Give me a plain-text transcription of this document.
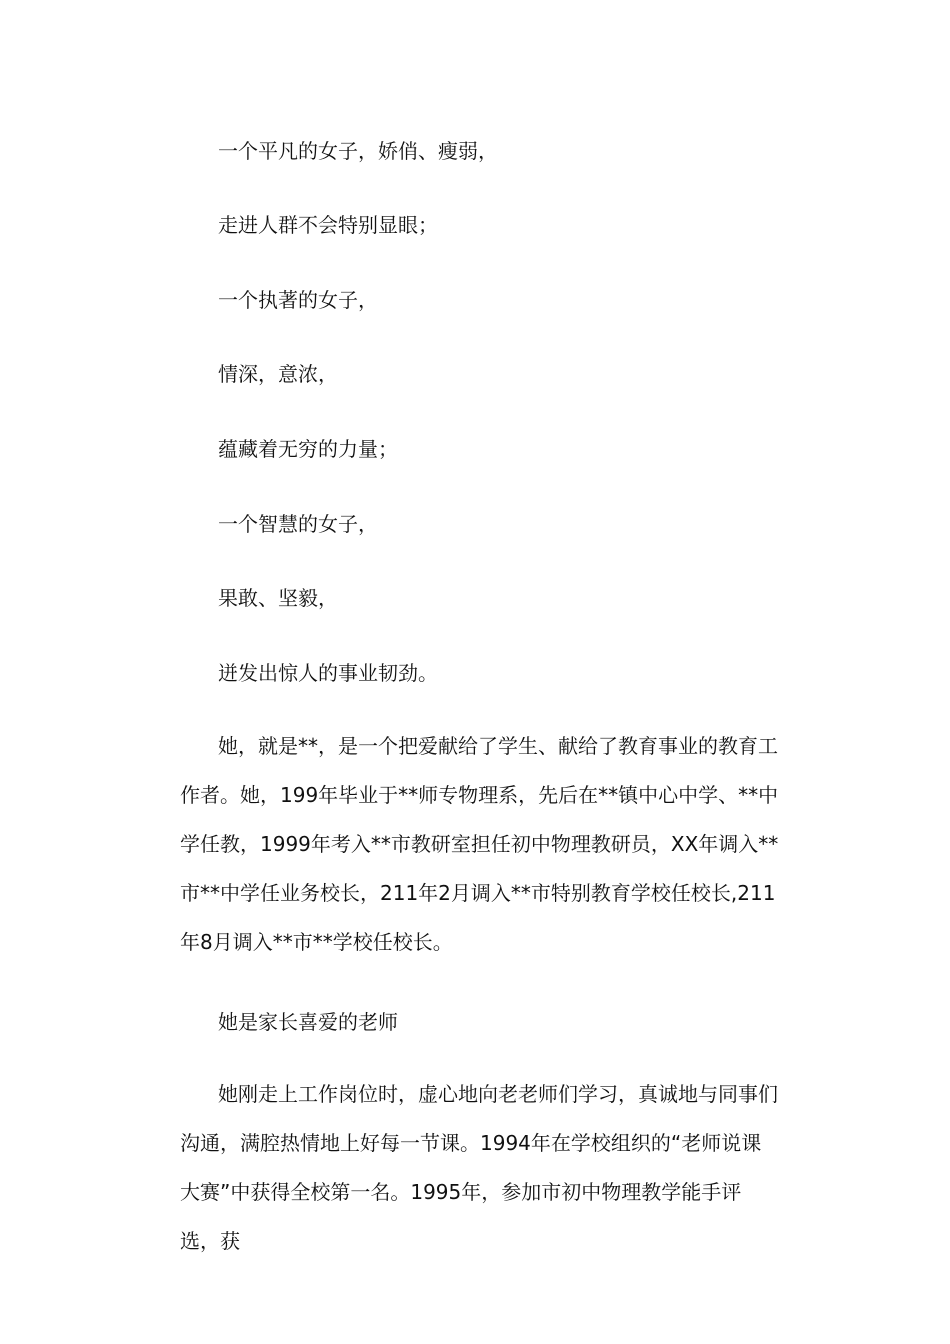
一个平凡的女子，娇俏、瘦弱，
走进人群不会特别显眼；
一个执著的女子，
情深，意浓，
蕴藏着无穷的力量；
一个智慧的女子，
果敢、坚毅，
迸发出惊人的事业韧劲。
她，就是**，是一个把爱献给了学生、献给了教育事业的教育工作者。她，199年毕业于**师专物理系，先后在**镇中心中学、**中学任教，1999年考入**市教研室担任初中物理教研员，XX年调入**市**中学任业务校长，211年2月调入**市特别教育学校任校长,211年8月调入**市**学校任校长。
她是家长喜爱的老师
她刚走上工作岗位时，虚心地向老老师们学习，真诚地与同事们沟通，满腔热情地上好每一节课。1994年在学校组织的“老师说课大赛”中获得全校第一名。1995年，参加市初中物理教学能手评选，获
